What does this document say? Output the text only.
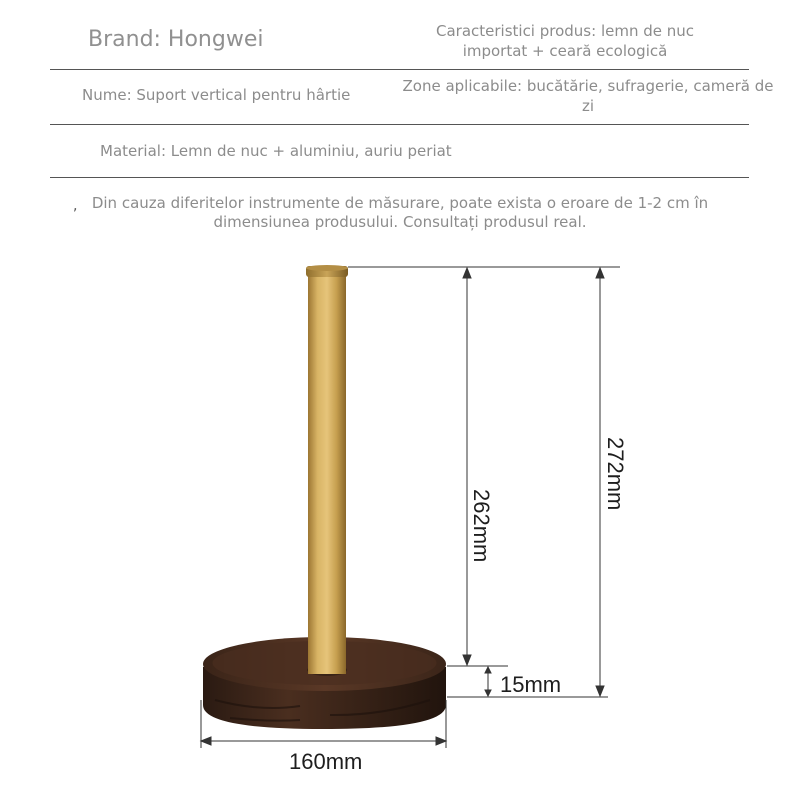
Brand: Hongwei	Caracteristici produs: lemn de nuc importat + ceară ecologică
Nume: Suport vertical pentru hârtie	Zone aplicabile: bucătărie, sufragerie, cameră de zi
Material: Lemn de nuc + aluminiu, auriu periat
, Din cauza diferitelor instrumente de măsurare, poate exista o eroare de 1-2 cm în dimensiunea produsului. Consultați produsul real.
262mm
272mm
15mm
160mm
